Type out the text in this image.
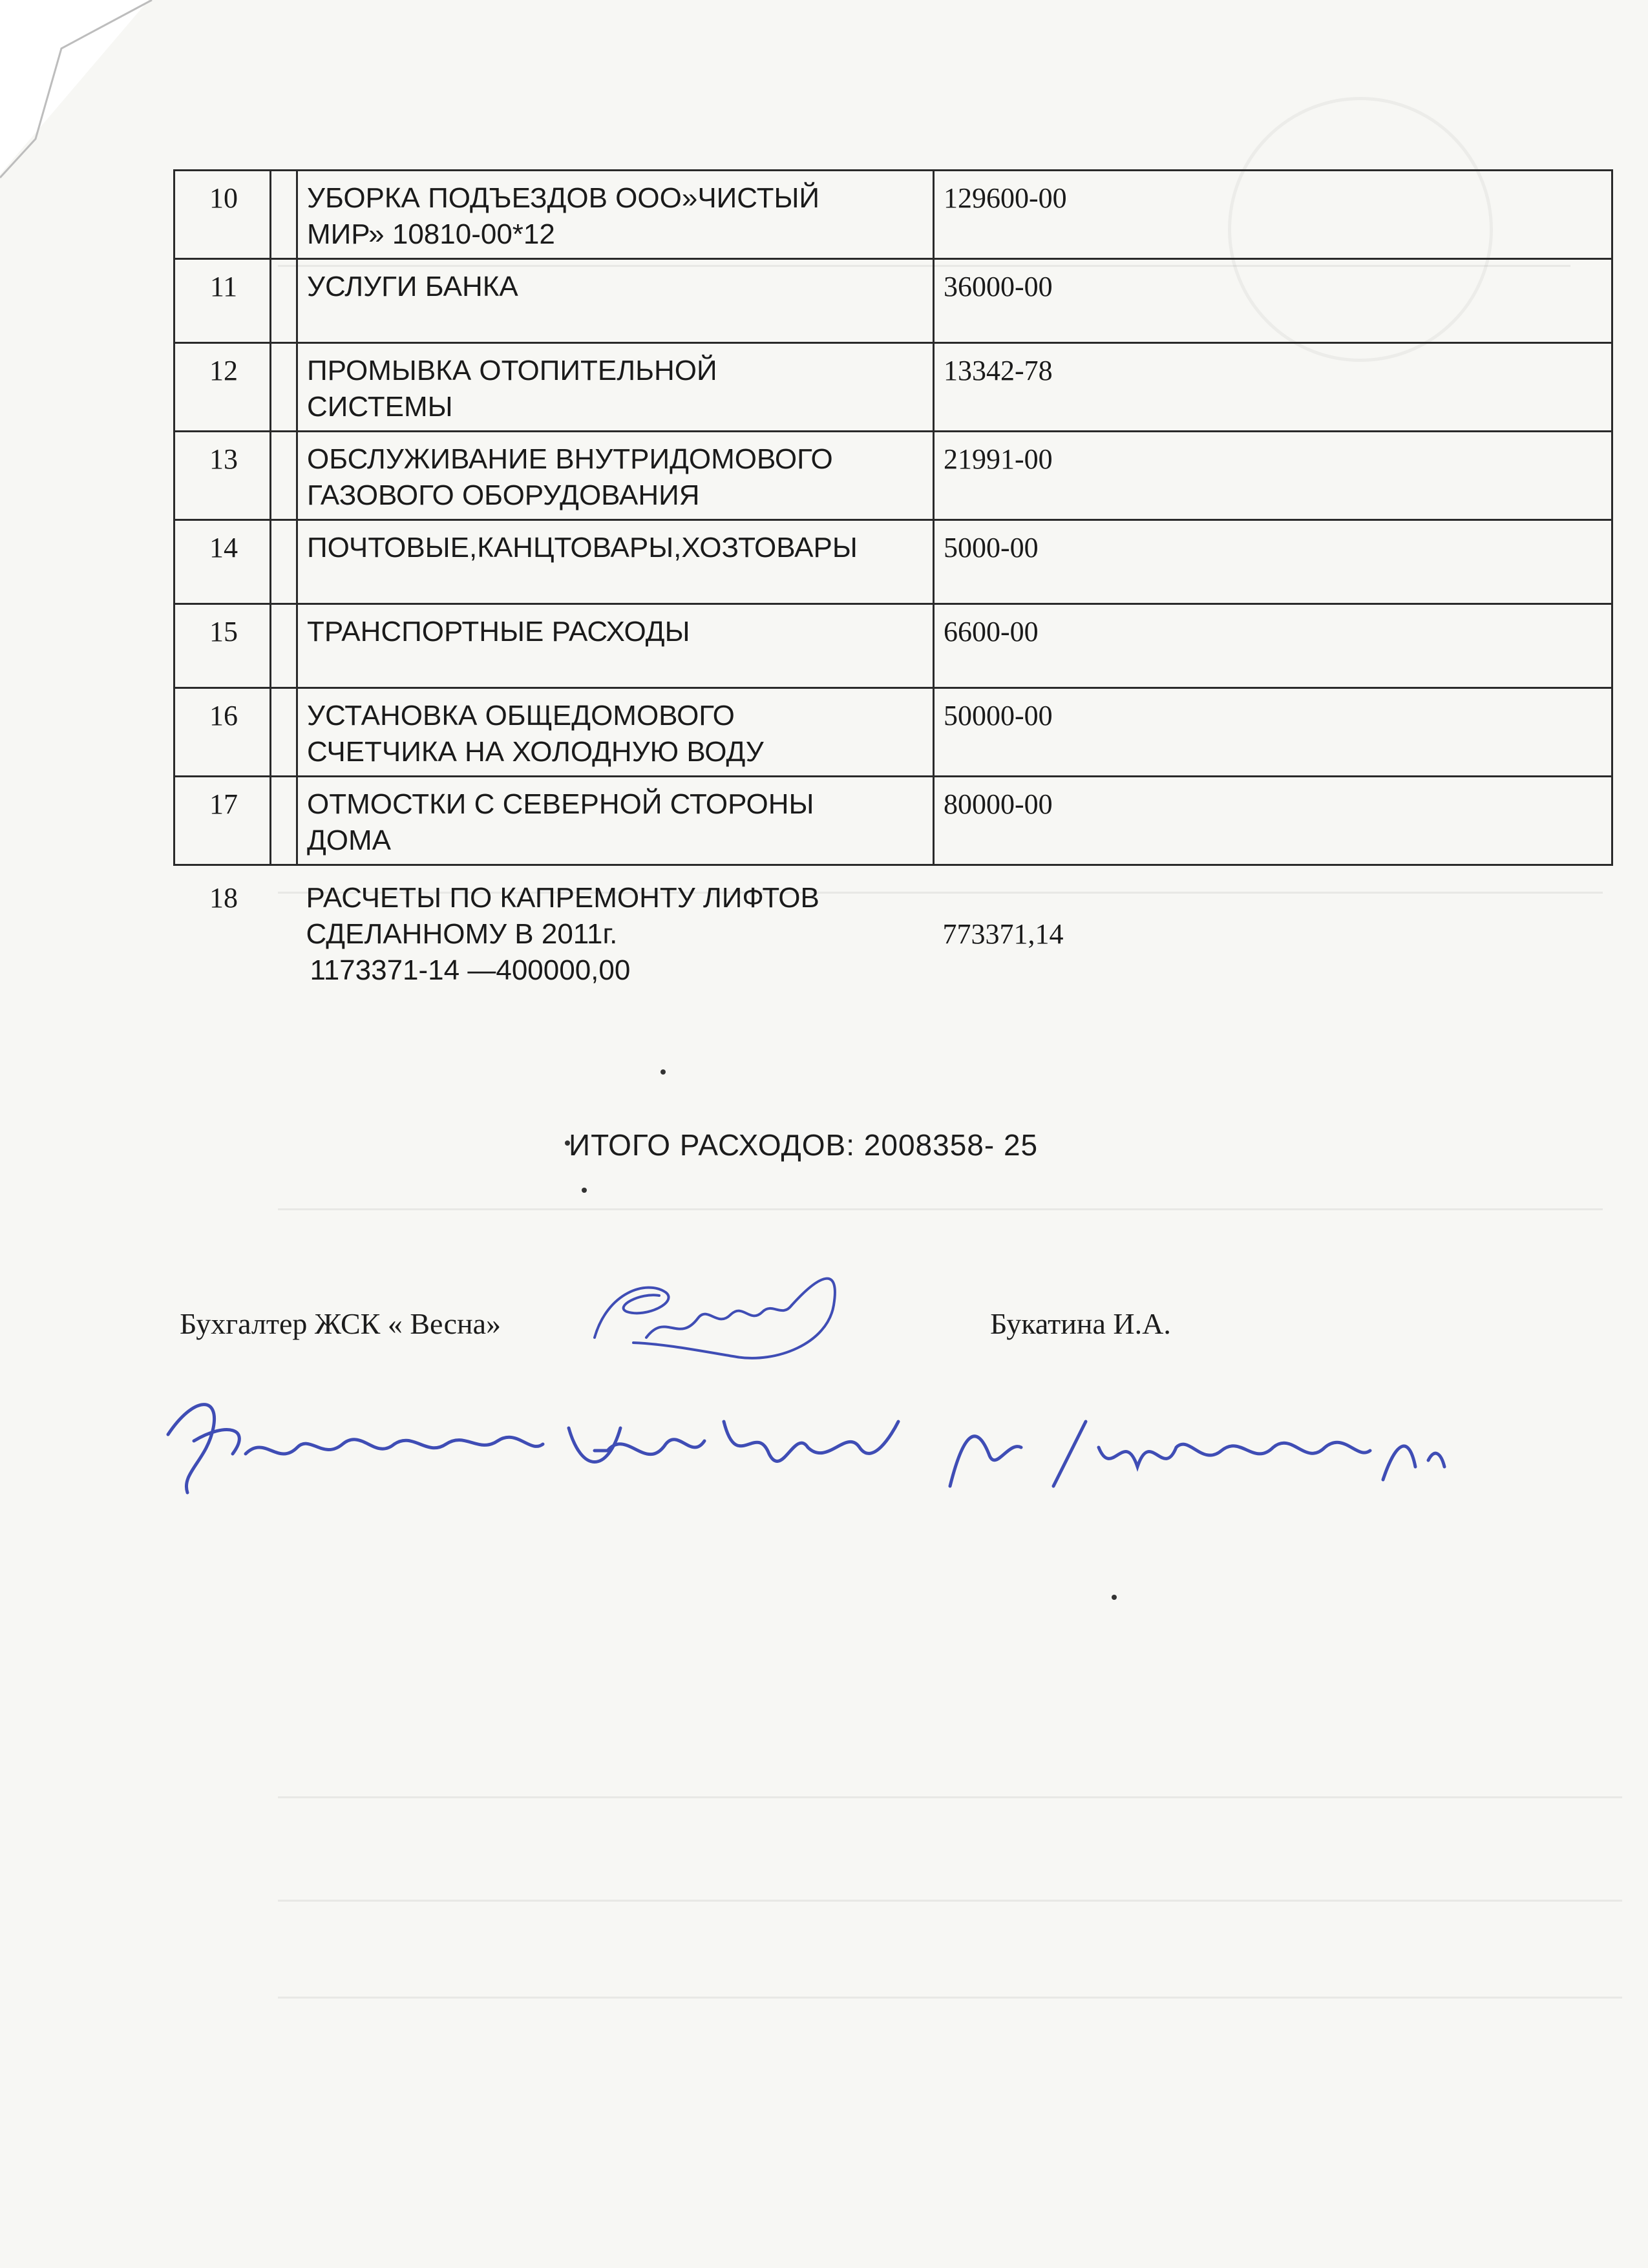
10		УБОРКА ПОДЪЕЗДОВ ООО»ЧИСТЫЙ
МИР» 10810-00*12	129600-00
11		УСЛУГИ БАНКА	36000-00
12		ПРОМЫВКА ОТОПИТЕЛЬНОЙ
СИСТЕМЫ	13342-78
13		ОБСЛУЖИВАНИЕ ВНУТРИДОМОВОГО
ГАЗОВОГО ОБОРУДОВАНИЯ	21991-00
14		ПОЧТОВЫЕ,КАНЦТОВАРЫ,ХОЗТОВАРЫ	5000-00
15		ТРАНСПОРТНЫЕ РАСХОДЫ	6600-00
16		УСТАНОВКА ОБЩЕДОМОВОГО
СЧЕТЧИКА НА ХОЛОДНУЮ ВОДУ	50000-00
17		ОТМОСТКИ С СЕВЕРНОЙ СТОРОНЫ
ДОМА	80000-00
18		РАСЧЕТЫ ПО КАПРЕМОНТУ ЛИФТОВ
СДЕЛАННОМУ В 2011г.
1173371-14 —400000,00	773371,14
ИТОГО РАСХОДОВ: 2008358- 25
Бухгалтер ЖСК « Весна»	Букатина И.А.
